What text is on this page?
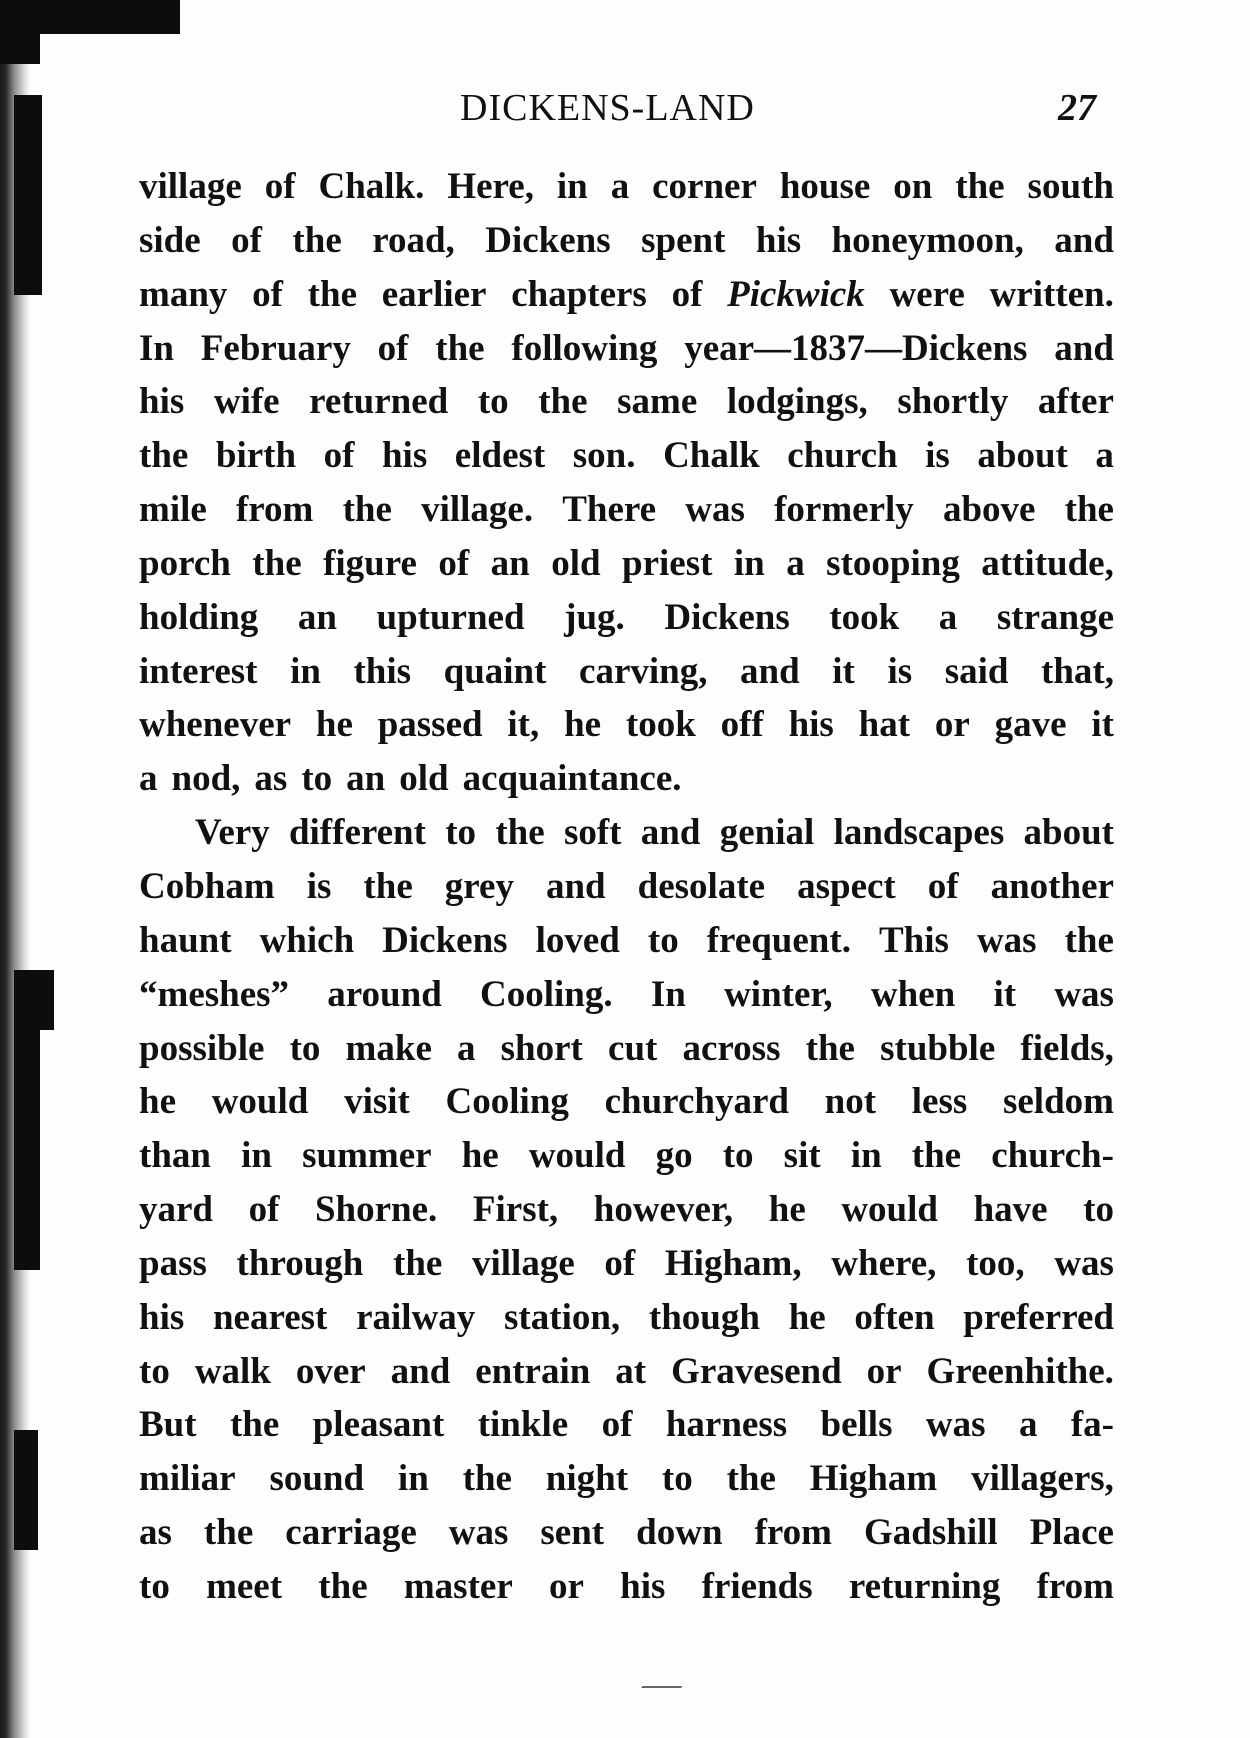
DICKENS-LAND	27
village of Chalk. Here, in a corner house on the south
side of the road, Dickens spent his honeymoon, and
many of the earlier chapters of Pickwick were written.
In February of the following year—1837—Dickens and
his wife returned to the same lodgings, shortly after
the birth of his eldest son. Chalk church is about a
mile from the village. There was formerly above the
porch the figure of an old priest in a stooping attitude,
holding an upturned jug. Dickens took a strange
interest in this quaint carving, and it is said that,
whenever he passed it, he took off his hat or gave it
a nod, as to an old acquaintance.
Very different to the soft and genial landscapes about
Cobham is the grey and desolate aspect of another
haunt which Dickens loved to frequent. This was the
“meshes” around Cooling. In winter, when it was
possible to make a short cut across the stubble fields,
he would visit Cooling churchyard not less seldom
than in summer he would go to sit in the church-
yard of Shorne. First, however, he would have to
pass through the village of Higham, where, too, was
his nearest railway station, though he often preferred
to walk over and entrain at Gravesend or Greenhithe.
But the pleasant tinkle of harness bells was a fa-
miliar sound in the night to the Higham villagers,
as the carriage was sent down from Gadshill Place
to meet the master or his friends returning from
